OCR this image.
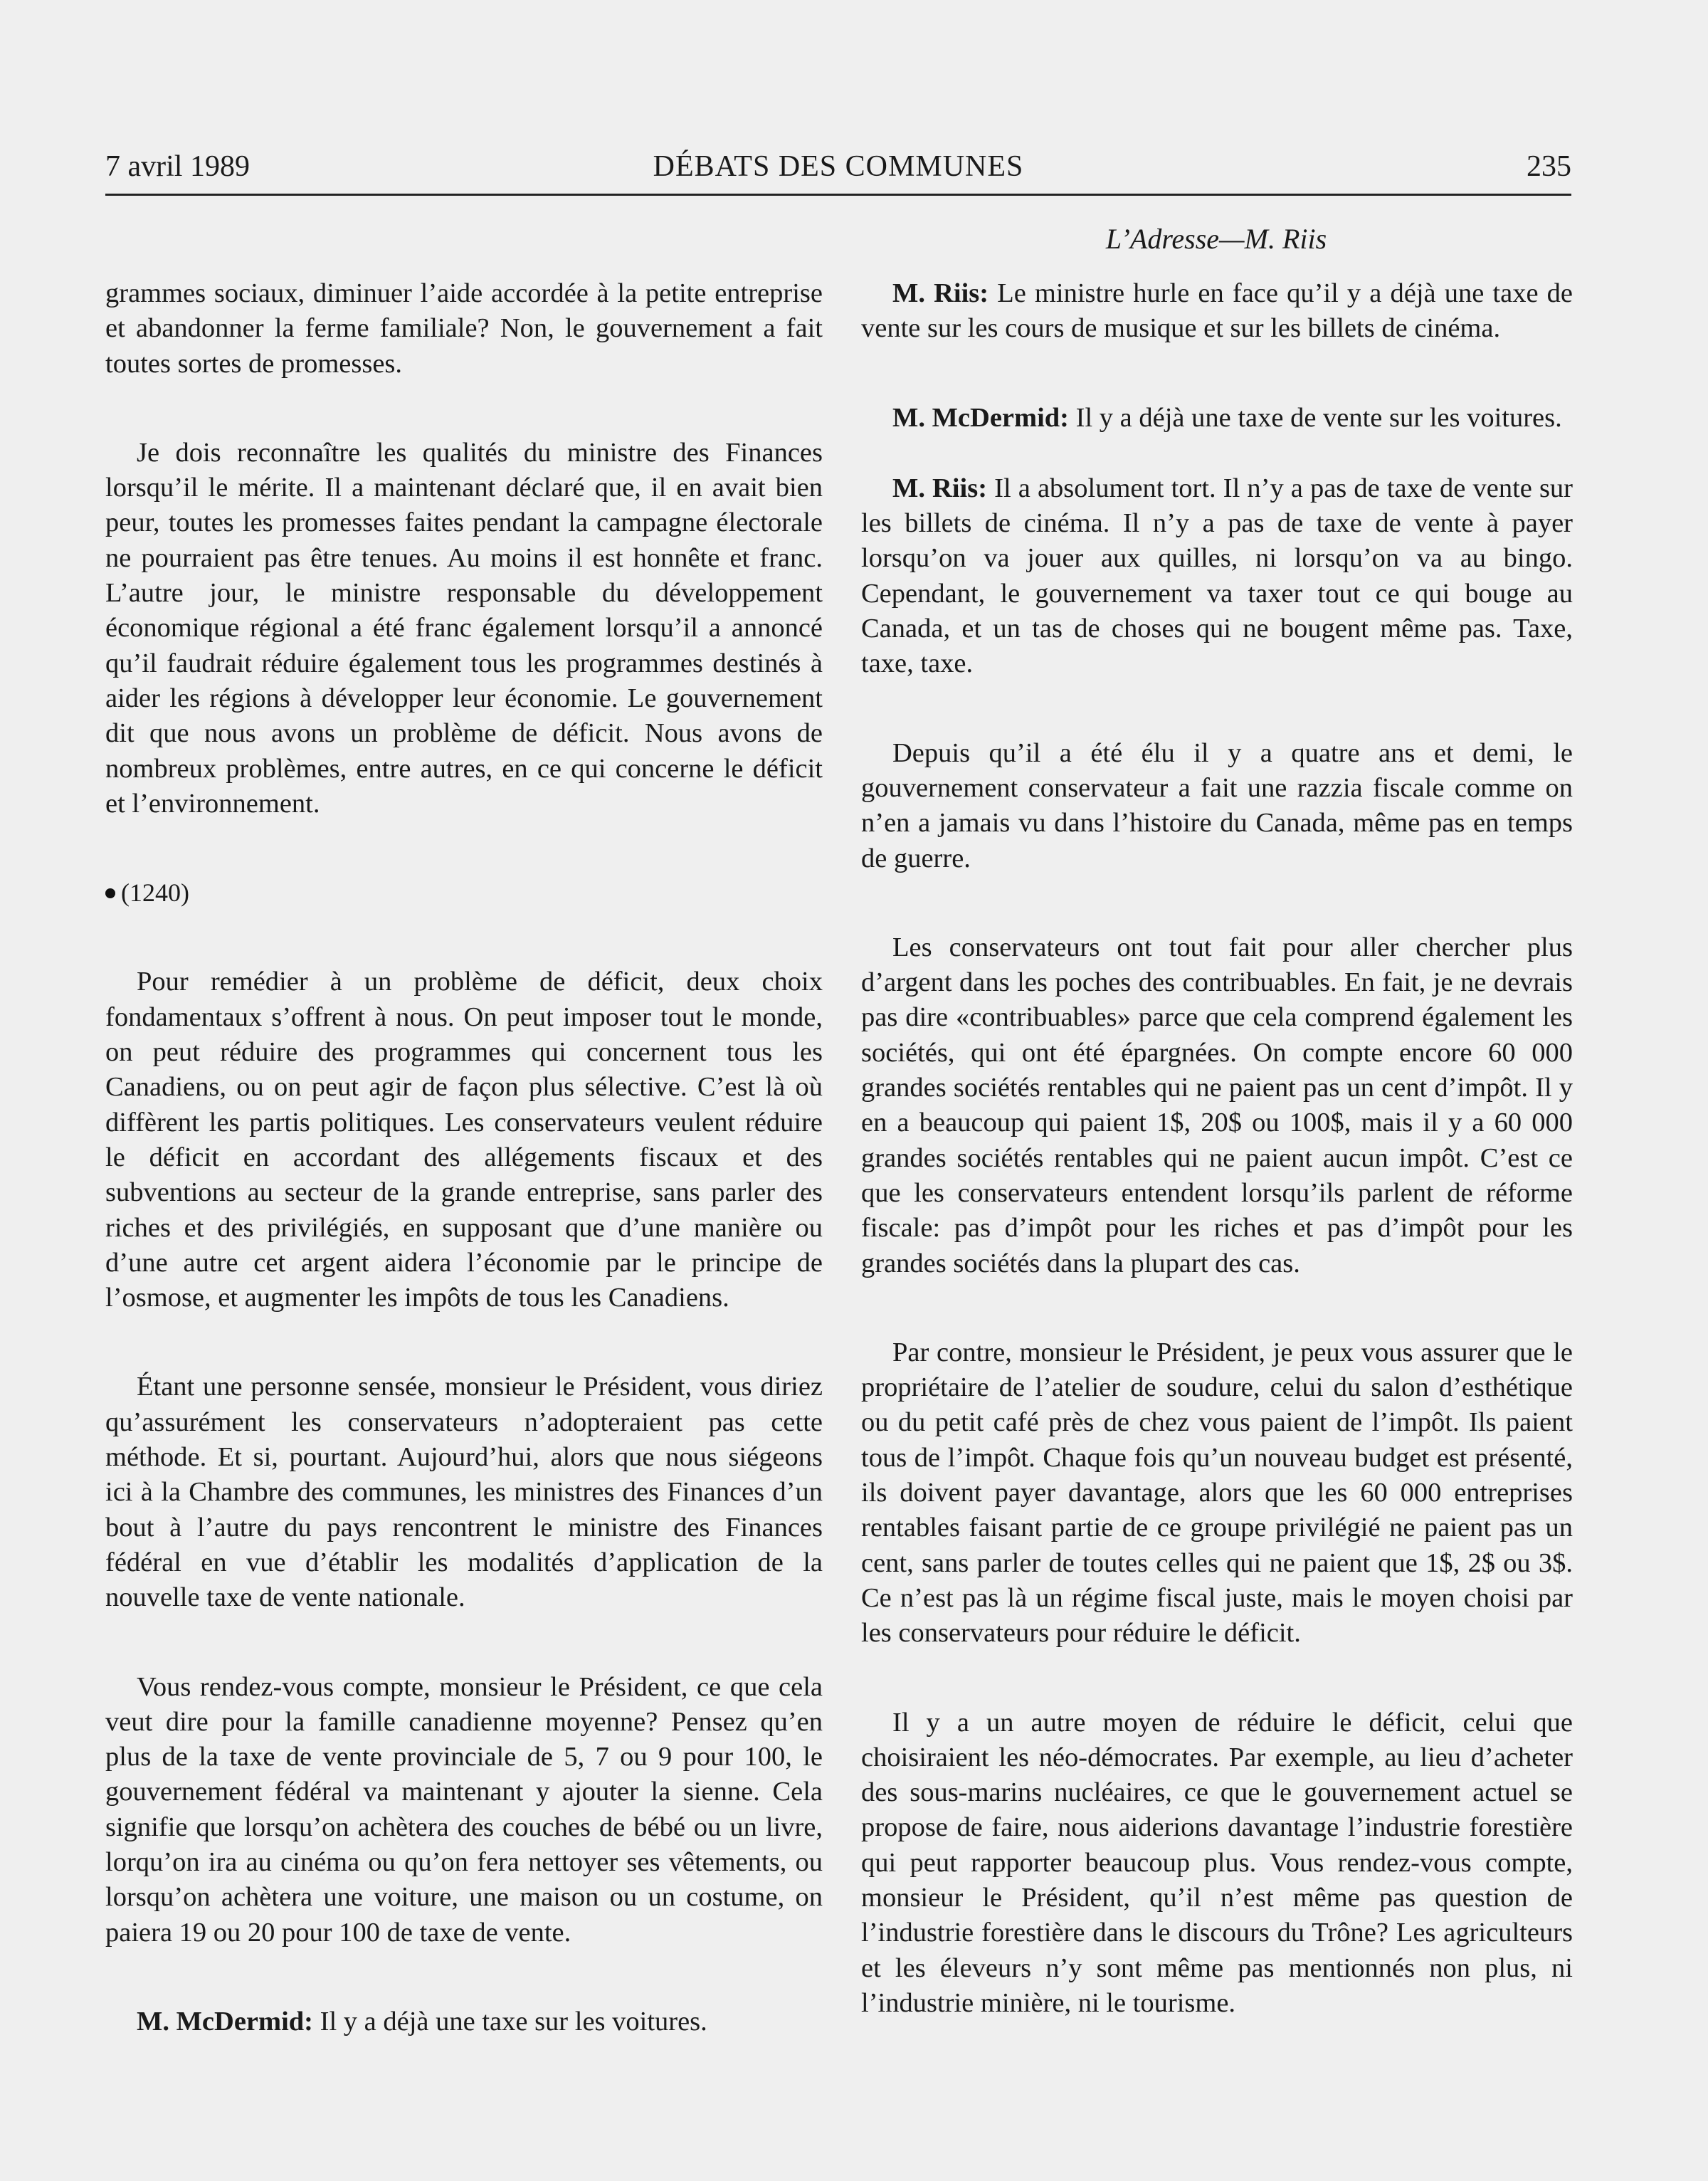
7 avril 1989	DÉBATS DES COMMUNES	235
L’Adresse—M. Riis

grammes sociaux, diminuer l’aide accordée à la petite entreprise et abandonner la ferme familiale? Non, le gouvernement a fait toutes sortes de promesses.

Je dois reconnaître les qualités du ministre des Finances lorsqu’il le mérite. Il a maintenant déclaré que, il en avait bien peur, toutes les promesses faites pendant la campagne électorale ne pourraient pas être tenues. Au moins il est honnête et franc. L’autre jour, le ministre responsable du développement économique régional a été franc également lorsqu’il a annoncé qu’il faudrait réduire également tous les programmes destinés à aider les régions à développer leur économie. Le gouvernement dit que nous avons un problème de déficit. Nous avons de nombreux problèmes, entre autres, en ce qui concerne le déficit et l’environnement.

(1240)

Pour remédier à un problème de déficit, deux choix fondamentaux s’offrent à nous. On peut imposer tout le monde, on peut réduire des programmes qui concernent tous les Canadiens, ou on peut agir de façon plus sélective. C’est là où diffèrent les partis politiques. Les conservateurs veulent réduire le déficit en accordant des allégements fiscaux et des subventions au secteur de la grande entreprise, sans parler des riches et des privilégiés, en supposant que d’une manière ou d’une autre cet argent aidera l’économie par le principe de l’osmose, et augmenter les impôts de tous les Canadiens.

Étant une personne sensée, monsieur le Président, vous diriez qu’assurément les conservateurs n’adopteraient pas cette méthode. Et si, pourtant. Aujourd’hui, alors que nous siégeons ici à la Chambre des communes, les ministres des Finances d’un bout à l’autre du pays rencontrent le ministre des Finances fédéral en vue d’établir les modalités d’application de la nouvelle taxe de vente nationale.

Vous rendez-vous compte, monsieur le Président, ce que cela veut dire pour la famille canadienne moyenne? Pensez qu’en plus de la taxe de vente provinciale de 5, 7 ou 9 pour 100, le gouvernement fédéral va maintenant y ajouter la sienne. Cela signifie que lorsqu’on achètera des couches de bébé ou un livre, lorqu’on ira au cinéma ou qu’on fera nettoyer ses vêtements, ou lorsqu’on achètera une voiture, une maison ou un costume, on paiera 19 ou 20 pour 100 de taxe de vente.

M. McDermid: Il y a déjà une taxe sur les voitures.

M. Riis: Le ministre hurle en face qu’il y a déjà une taxe de vente sur les cours de musique et sur les billets de cinéma.

M. McDermid: Il y a déjà une taxe de vente sur les voitures.

M. Riis: Il a absolument tort. Il n’y a pas de taxe de vente sur les billets de cinéma. Il n’y a pas de taxe de vente à payer lorsqu’on va jouer aux quilles, ni lorsqu’on va au bingo. Cependant, le gouvernement va taxer tout ce qui bouge au Canada, et un tas de choses qui ne bougent même pas. Taxe, taxe, taxe.

Depuis qu’il a été élu il y a quatre ans et demi, le gouvernement conservateur a fait une razzia fiscale comme on n’en a jamais vu dans l’histoire du Canada, même pas en temps de guerre.

Les conservateurs ont tout fait pour aller chercher plus d’argent dans les poches des contribuables. En fait, je ne devrais pas dire «contribuables» parce que cela comprend également les sociétés, qui ont été épargnées. On compte encore 60 000 grandes sociétés rentables qui ne paient pas un cent d’impôt. Il y en a beaucoup qui paient 1$, 20$ ou 100$, mais il y a 60 000 grandes sociétés rentables qui ne paient aucun impôt. C’est ce que les conservateurs entendent lorsqu’ils parlent de réforme fiscale: pas d’impôt pour les riches et pas d’impôt pour les grandes sociétés dans la plupart des cas.

Par contre, monsieur le Président, je peux vous assurer que le propriétaire de l’atelier de soudure, celui du salon d’esthétique ou du petit café près de chez vous paient de l’impôt. Ils paient tous de l’impôt. Chaque fois qu’un nouveau budget est présenté, ils doivent payer davantage, alors que les 60 000 entreprises rentables faisant partie de ce groupe privilégié ne paient pas un cent, sans parler de toutes celles qui ne paient que 1$, 2$ ou 3$. Ce n’est pas là un régime fiscal juste, mais le moyen choisi par les conservateurs pour réduire le déficit.

Il y a un autre moyen de réduire le déficit, celui que choisiraient les néo-démocrates. Par exemple, au lieu d’acheter des sous-marins nucléaires, ce que le gouvernement actuel se propose de faire, nous aiderions davantage l’industrie forestière qui peut rapporter beaucoup plus. Vous rendez-vous compte, monsieur le Président, qu’il n’est même pas question de l’industrie forestière dans le discours du Trône? Les agriculteurs et les éleveurs n’y sont même pas mentionnés non plus, ni l’industrie minière, ni le tourisme.
